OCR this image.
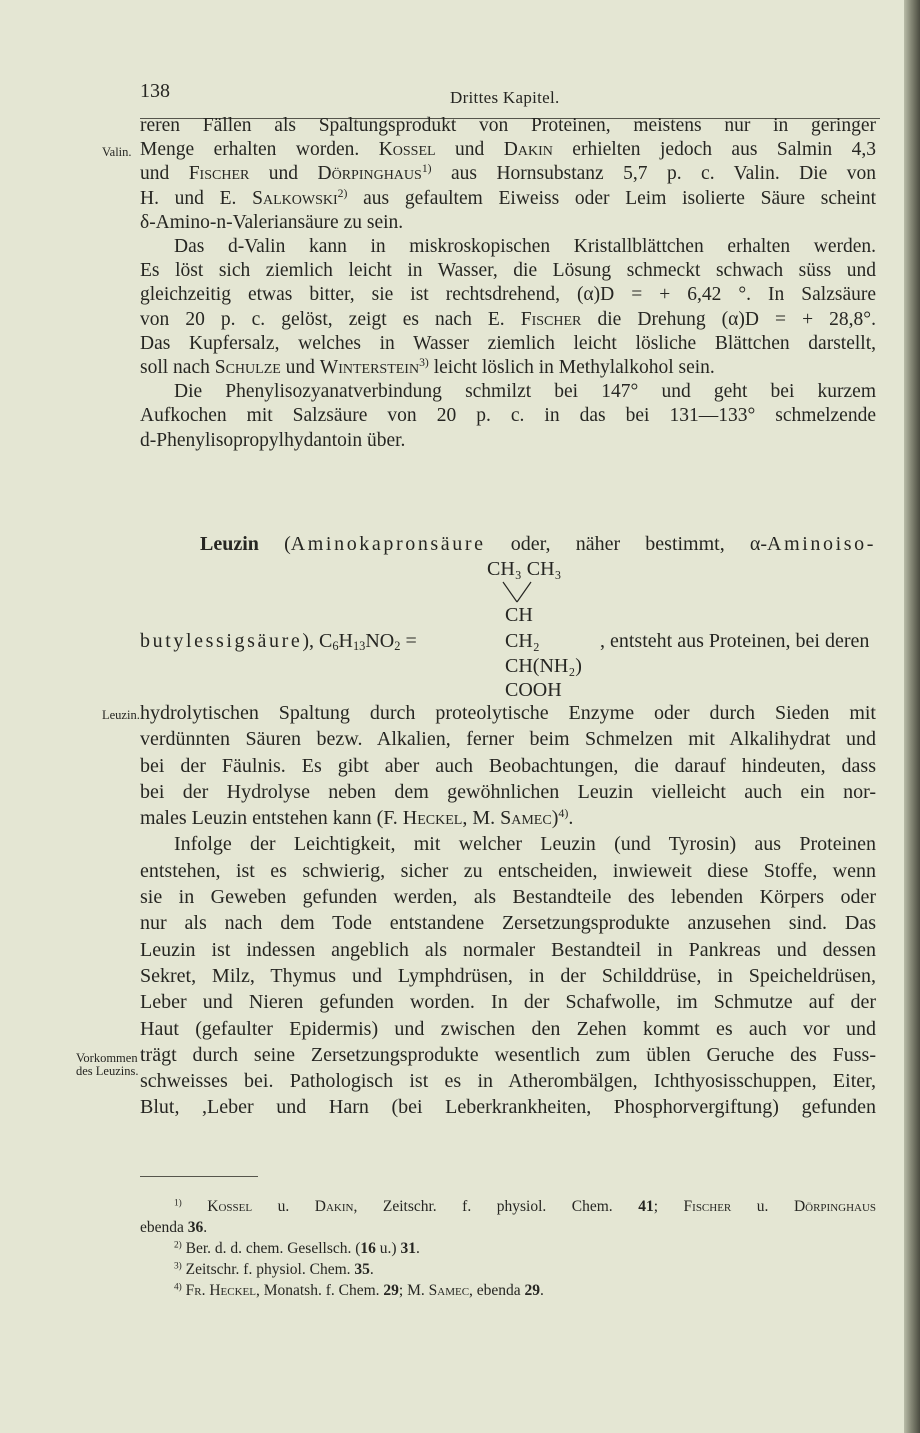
138	Drittes Kapitel.
Valin.
Leuzin.
Vorkommen
des Leuzins.
reren Fällen als Spaltungsprodukt von Proteinen, meistens nur in geringer
Menge erhalten worden. Kossel und Dakin erhielten jedoch aus Salmin 4,3
und Fischer und Dörpinghaus$^{1)}$ aus Hornsubstanz 5,7 p. c. Valin. Die von
H. und E. Salkowski$^{2)}$ aus gefaultem Eiweiss oder Leim isolierte Säure scheint
δ-Amino-n-Valeriansäure zu sein.
Das d-Valin kann in miskroskopischen Kristallblättchen erhalten werden.
Es löst sich ziemlich leicht in Wasser, die Lösung schmeckt schwach süss und
gleichzeitig etwas bitter, sie ist rechtsdrehend, (α)D = + 6,42 °. In Salzsäure
von 20 p. c. gelöst, zeigt es nach E. Fischer die Drehung (α)D = + 28,8°.
Das Kupfersalz, welches in Wasser ziemlich leicht lösliche Blättchen darstellt,
soll nach Schulze und Winterstein$^{3)}$ leicht löslich in Methylalkohol sein.
Die Phenylisozyanatverbindung schmilzt bei 147° und geht bei kurzem
Aufkochen mit Salzsäure von 20 p. c. in das bei 131—133° schmelzende
d-Phenylisopropylhydantoin über.
Leuzin (Aminokapronsäure oder, näher bestimmt, α-Aminoiso-
CH₃ CH₃
CH
butylessigsäure), $C_6H_{13}NO_2$ =	CH₂	, entsteht aus Proteinen, bei deren
CH(NH₂)
COOH
hydrolytischen Spaltung durch proteolytische Enzyme oder durch Sieden mit
verdünnten Säuren bezw. Alkalien, ferner beim Schmelzen mit Alkalihydrat und
bei der Fäulnis. Es gibt aber auch Beobachtungen, die darauf hindeuten, dass
bei der Hydrolyse neben dem gewöhnlichen Leuzin vielleicht auch ein nor-
males Leuzin entstehen kann (F. Heckel, M. Samec)$^{4)}$.
Infolge der Leichtigkeit, mit welcher Leuzin (und Tyrosin) aus Proteinen
entstehen, ist es schwierig, sicher zu entscheiden, inwieweit diese Stoffe, wenn
sie in Geweben gefunden werden, als Bestandteile des lebenden Körpers oder
nur als nach dem Tode entstandene Zersetzungsprodukte anzusehen sind. Das
Leuzin ist indessen angeblich als normaler Bestandteil in Pankreas und dessen
Sekret, Milz, Thymus und Lymphdrüsen, in der Schilddrüse, in Speicheldrüsen,
Leber und Nieren gefunden worden. In der Schafwolle, im Schmutze auf der
Haut (gefaulter Epidermis) und zwischen den Zehen kommt es auch vor und
trägt durch seine Zersetzungsprodukte wesentlich zum üblen Geruche des Fuss-
schweisses bei. Pathologisch ist es in Atherombälgen, Ichthyosisschuppen, Eiter,
Blut, ,Leber und Harn (bei Leberkrankheiten, Phosphorvergiftung) gefunden
$^{1)}$ Kossel u. Dakin, Zeitschr. f. physiol. Chem. 41; Fischer u. Dörpinghaus
ebenda 36.
$^{2)}$ Ber. d. d. chem. Gesellsch. (16 u.) 31.
$^{3)}$ Zeitschr. f. physiol. Chem. 35.
$^{4)}$ Fr. Heckel, Monatsh. f. Chem. 29; M. Samec, ebenda 29.
